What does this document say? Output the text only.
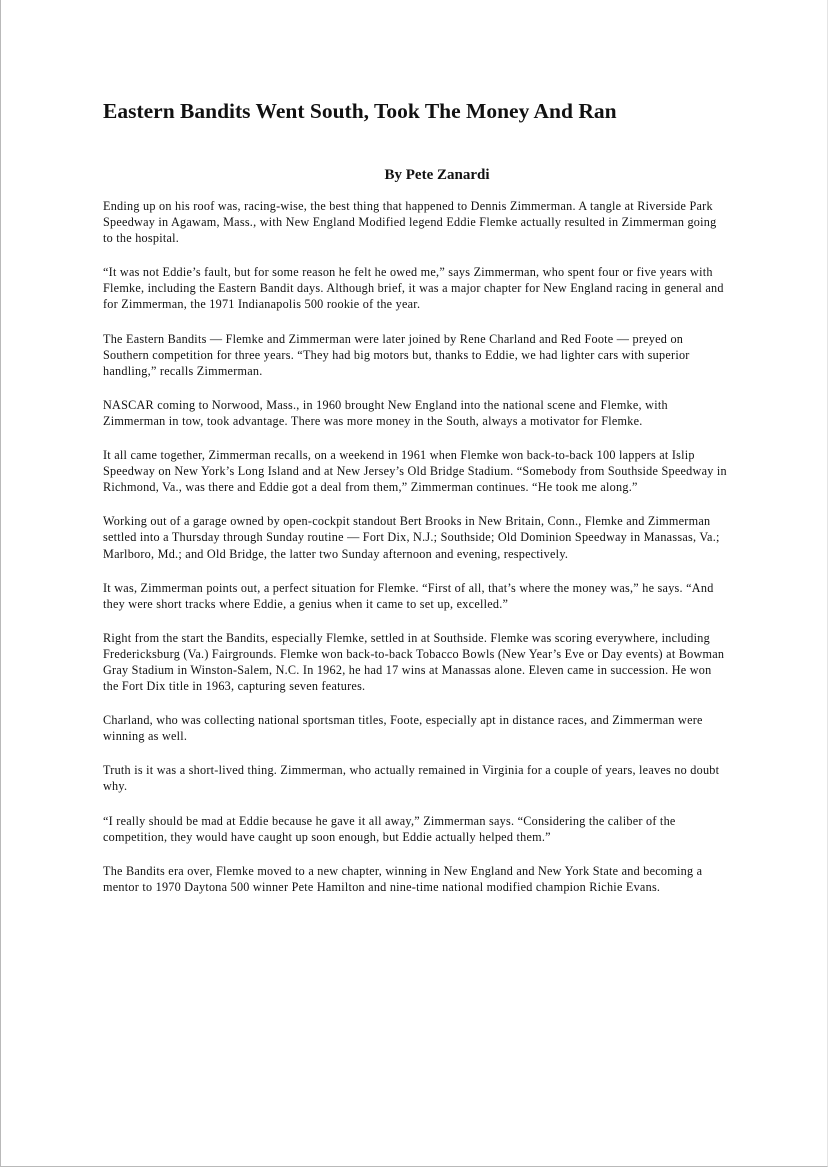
Eastern Bandits Went South, Took The Money And Ran
By Pete Zanardi

Ending up on his roof was, racing-wise, the best thing that happened to Dennis Zimmerman. A tangle at Riverside Park Speedway in Agawam, Mass., with New England Modified legend Eddie Flemke actually resulted in Zimmerman going to the hospital.

“It was not Eddie’s fault, but for some reason he felt he owed me,” says Zimmerman, who spent four or five years with Flemke, including the Eastern Bandit days. Although brief, it was a major chapter for New England racing in general and for Zimmerman, the 1971 Indianapolis 500 rookie of the year.

The Eastern Bandits — Flemke and Zimmerman were later joined by Rene Charland and Red Foote — preyed on Southern competition for three years. “They had big motors but, thanks to Eddie, we had lighter cars with superior handling,” recalls Zimmerman.

NASCAR coming to Norwood, Mass., in 1960 brought New England into the national scene and Flemke, with Zimmerman in tow, took advantage. There was more money in the South, always a motivator for Flemke.

It all came together, Zimmerman recalls, on a weekend in 1961 when Flemke won back-to-back 100 lappers at Islip Speedway on New York’s Long Island and at New Jersey’s Old Bridge Stadium. “Somebody from Southside Speedway in Richmond, Va., was there and Eddie got a deal from them,” Zimmerman continues. “He took me along.”

Working out of a garage owned by open-cockpit standout Bert Brooks in New Britain, Conn., Flemke and Zimmerman settled into a Thursday through Sunday routine — Fort Dix, N.J.; Southside; Old Dominion Speedway in Manassas, Va.; Marlboro, Md.; and Old Bridge, the latter two Sunday afternoon and evening, respectively.

It was, Zimmerman points out, a perfect situation for Flemke. “First of all, that’s where the money was,” he says. “And they were short tracks where Eddie, a genius when it came to set up, excelled.”

Right from the start the Bandits, especially Flemke, settled in at Southside. Flemke was scoring everywhere, including Fredericksburg (Va.) Fairgrounds. Flemke won back-to-back Tobacco Bowls (New Year’s Eve or Day events) at Bowman Gray Stadium in Winston-Salem, N.C. In 1962, he had 17 wins at Manassas alone. Eleven came in succession. He won the Fort Dix title in 1963, capturing seven features.

Charland, who was collecting national sportsman titles, Foote, especially apt in distance races, and Zimmerman were winning as well.

Truth is it was a short-lived thing. Zimmerman, who actually remained in Virginia for a couple of years, leaves no doubt why.

“I really should be mad at Eddie because he gave it all away,” Zimmerman says. “Considering the caliber of the competition, they would have caught up soon enough, but Eddie actually helped them.”

The Bandits era over, Flemke moved to a new chapter, winning in New England and New York State and becoming a mentor to 1970 Daytona 500 winner Pete Hamilton and nine-time national modified champion Richie Evans.
